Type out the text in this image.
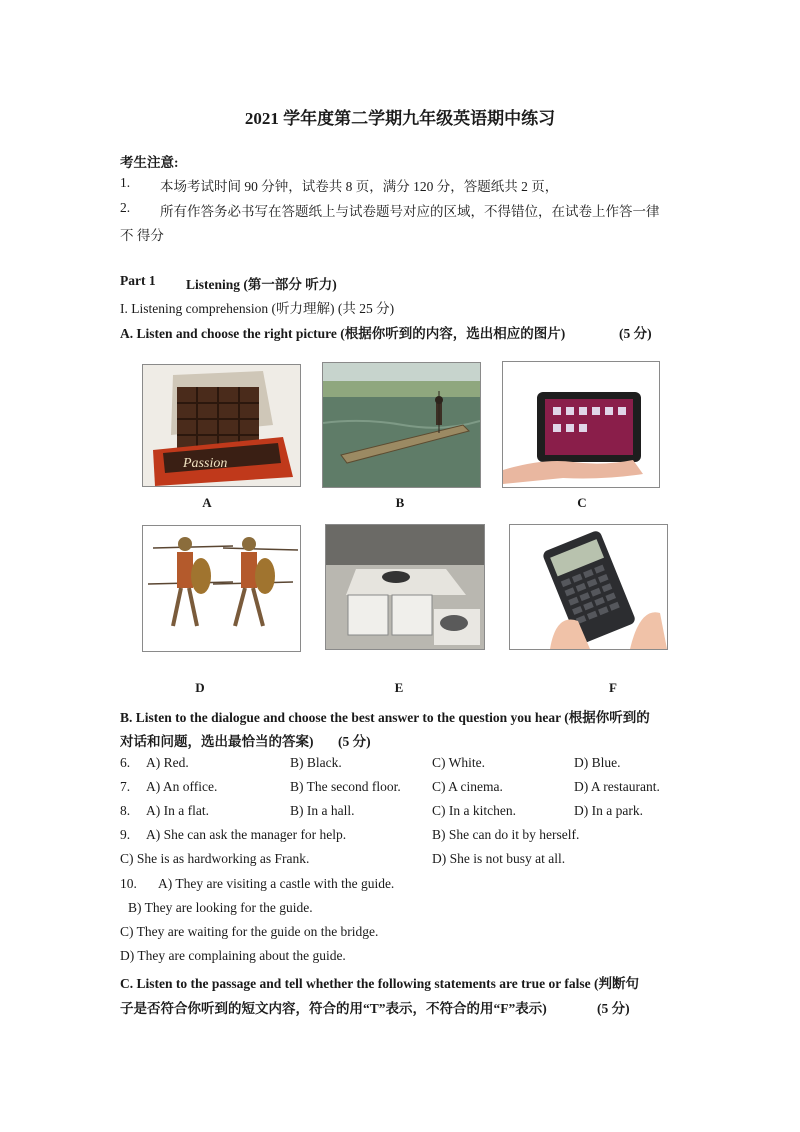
2021 学年度第二学期九年级英语期中练习
考生注意:
1. 本场考试时间 90 分钟，试卷共 8 页，满分 120 分，答题纸共 2 页，
2. 所有作答务必书写在答题纸上与试卷题号对应的区域，不得错位，在试卷上作答一律
不 得分
Part 1 Listening (第一部分 听力)
I. Listening comprehension (听力理解) (共 25 分)
A. Listen and choose the right picture (根据你听到的内容，选出相应的图片)	(5 分)
Passion
A	B	C
D	E	F
B. Listen to the dialogue and choose the best answer to the question you hear (根据你听到的
对话和问题，选出最恰当的答案) (5 分)
6. A) Red.	B) Black.	C) White.	D) Blue.
7. A) An office.	B) The second floor. C) A cinema.	D) A restaurant.
8. A) In a flat.	B) In a hall.	C) In a kitchen.	D) In a park.
9. A) She can ask the manager for help.	B) She can do it by herself.
C) She is as hardworking as Frank.	D) She is not busy at all.
10. A) They are visiting a castle with the guide.
B) They are looking for the guide.
C) They are waiting for the guide on the bridge.
D) They are complaining about the guide.
C. Listen to the passage and tell whether the following statements are true or false (判断句
子是否符合你听到的短文内容，符合的用“T”表示，不符合的用“F”表示)	(5 分)
